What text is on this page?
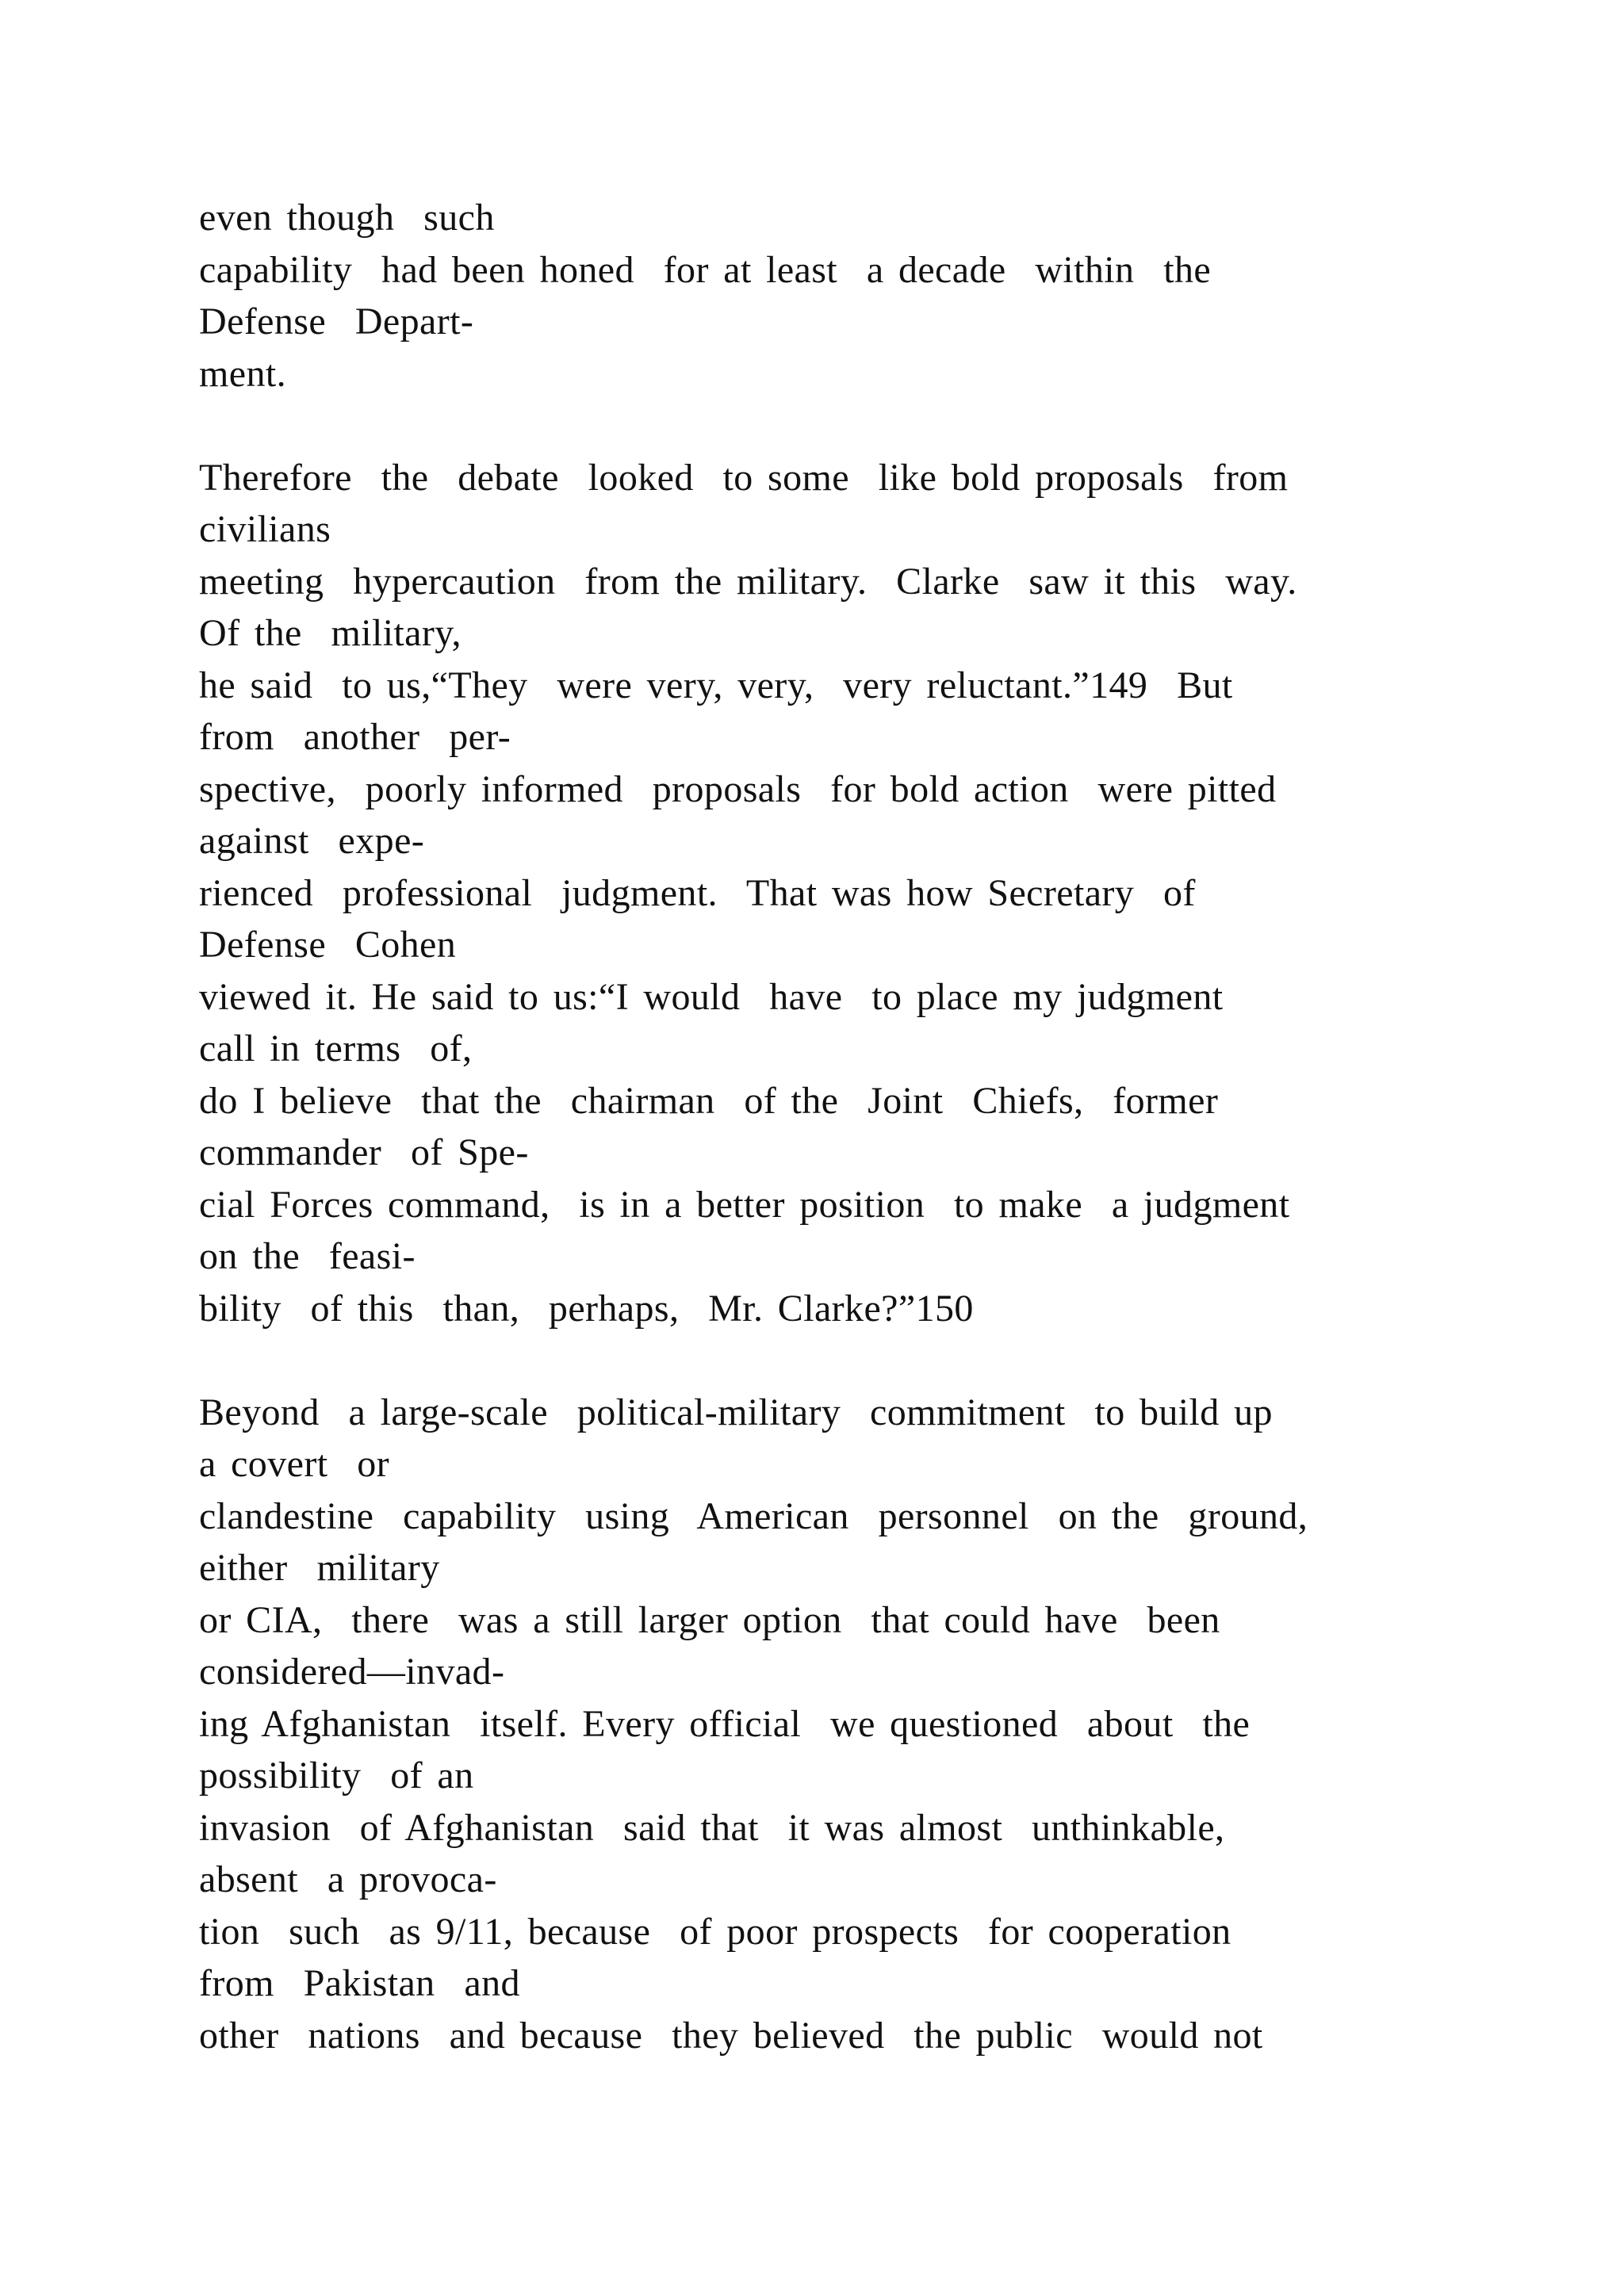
even though  such
capability  had been honed  for at least  a decade  within  the
Defense  Depart-
ment.
Therefore  the  debate  looked  to some  like bold proposals  from
civilians
meeting  hypercaution  from the military.  Clarke  saw it this  way.
Of the  military,
he said  to us,“They  were very, very,  very reluctant.”149  But
from  another  per-
spective,  poorly informed  proposals  for bold action  were pitted
against  expe-
rienced  professional  judgment.  That was how Secretary  of
Defense  Cohen
viewed it. He said to us:“I would  have  to place my judgment
call in terms  of,
do I believe  that the  chairman  of the  Joint  Chiefs,  former
commander  of Spe-
cial Forces command,  is in a better position  to make  a judgment
on the  feasi-
bility  of this  than,  perhaps,  Mr. Clarke?”150
Beyond  a large-scale  political-military  commitment  to build up
a covert  or
clandestine  capability  using  American  personnel  on the  ground,
either  military
or CIA,  there  was a still larger option  that could have  been
considered—invad-
ing Afghanistan  itself. Every official  we questioned  about  the
possibility  of an
invasion  of Afghanistan  said that  it was almost  unthinkable,
absent  a provoca-
tion  such  as 9/11, because  of poor prospects  for cooperation
from  Pakistan  and
other  nations  and because  they believed  the public  would not
